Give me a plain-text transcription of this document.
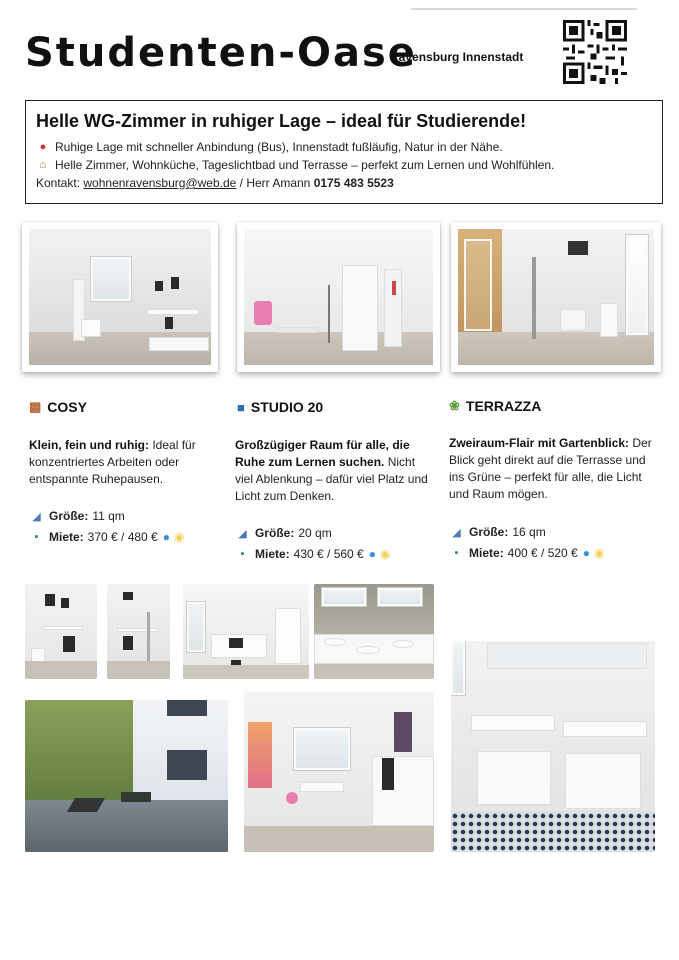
Studenten-Oase
Ravensburg Innenstadt
Helle WG-Zimmer in ruhiger Lage – ideal für Studierende!
● Ruhige Lage mit schneller Anbindung (Bus), Innenstadt fußläufig, Natur in der Nähe.
⌂ Helle Zimmer, Wohnküche, Tageslichtbad und Terrasse – perfekt zum Lernen und Wohlfühlen.
Kontakt:
wohnenravensburg@web.de / Herr Amann 0175 483 5523
▩ COSY
Klein, fein und ruhig: Ideal für konzentriertes Arbeiten oder entspannte Ruhepausen.
◢ Größe: 11 qm
▪ Miete: 370 € / 480 € ● ◉
■ STUDIO 20
Großzügiger Raum für alle, die Ruhe zum Lernen suchen. Nicht viel Ablenkung – dafür viel Platz und Licht zum Denken.
◢ Größe: 20 qm
▪ Miete: 430 € / 560 € ● ◉
❀ TERRAZZA
Zweiraum-Flair mit Gartenblick: Der Blick geht direkt auf die Terrasse und ins Grüne – perfekt für alle, die Licht und Raum mögen.
◢ Größe: 16 qm
▪ Miete: 400 € / 520 € ● ◉
